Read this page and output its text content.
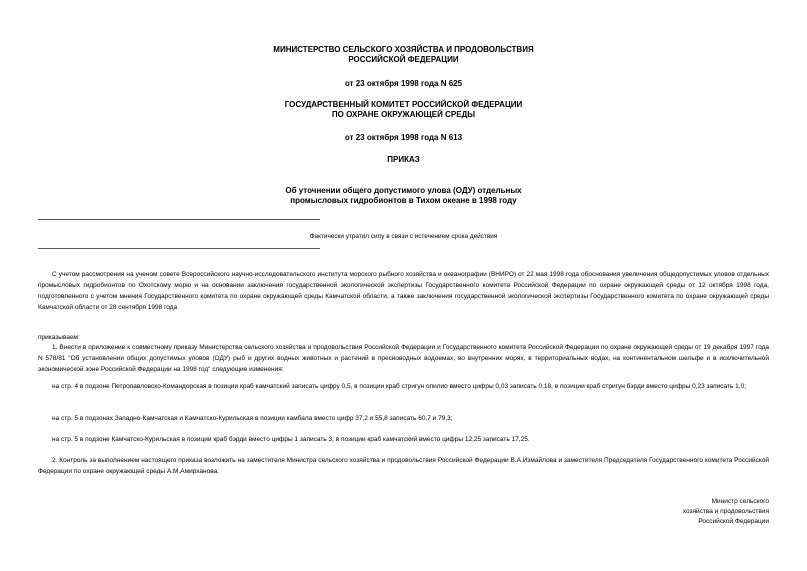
МИНИСТЕРСТВО СЕЛЬСКОГО ХОЗЯЙСТВА И ПРОДОВОЛЬСТВИЯ
РОССИЙСКОЙ ФЕДЕРАЦИИ
от 23 октября 1998 года N 625
ГОСУДАРСТВЕННЫЙ КОМИТЕТ РОССИЙСКОЙ ФЕДЕРАЦИИ
ПО ОХРАНЕ ОКРУЖАЮЩЕЙ СРЕДЫ
от 23 октября 1998 года N 613
ПРИКАЗ
Об уточнении общего допустимого улова (ОДУ) отдельных
промысловых гидробионтов в Тихом океане в 1998 году
Фактически утратил силу в связи с истечением срока действия
С учетом рассмотрения на ученом совете Всероссийского научно-исследовательского института морского рыбного хозяйства и океанографии (ВНИРО) от 22 мая 1998 года обоснования увеличения общедопустимых уловов отдельных промысловых гидробионтов по Охотскому морю и на основании заключения государственной экологической экспертизы Государственного комитета Российской Федерации по охране окружающей среды от 12 октября 1998 года, подготовленного с учетом мнения Государственного комитета по охране окружающей среды Камчатской области, а также заключения государственной экологической экспертизы Государственного комитета по охране окружающей среды Камчатской области от 28 сентября 1998 года
приказываем:
1. Внести в приложение к совместному приказу Министерства сельского хозяйства и продовольствия Российской Федерации и Государственного комитета Российской Федерации по охране окружающей среды от 19 декабря 1997 года N 578/81 "Об установлении общих допустимых уловов (ОДУ) рыб и других водных животных и растений в пресноводных водоемах, во внутренних морях, в территориальных водах, на континентальном шельфе и в исключительной экономической зоне Российской Федерации на 1998 год" следующие изменения:
на стр. 4 в подзоне Петропавловско-Командорская в позиции краб камчатский записать цифру 0,5, в позиции краб стригун опилио вместо цифры 0,03 записать 0,18, в позиции краб стригун бэрди вместо цифры 0,23 записать 1,0;
на стр. 5 в подзонах Западно-Камчатская и Камчатско-Курильская в позиции камбала вместо цифр 37,2 и 55,8 записать 60,7 и 79,3;
на стр. 5 в подзоне Камчатско-Курильская в позиции краб бэрди вместо цифры 1 записать 3, в позиции краб камчатский вместо цифры 12,25 записать 17,25.
2. Контроль за выполнением настоящего приказа возложить на заместителя Министра сельского хозяйства и продовольствия Российской Федерации В.А.Измайлова и заместителя Председателя Государственного комитета Российской Федерации по охране окружающей среды А.М.Амирханова.
Министр сельского
хозяйства и продовольствия
Российской Федерации
